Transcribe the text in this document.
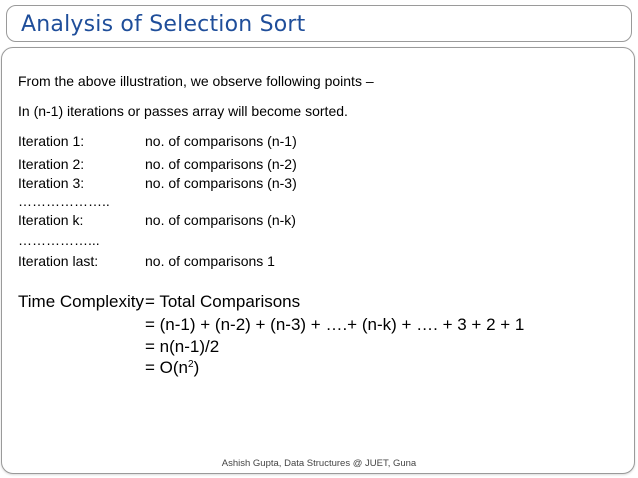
Analysis of Selection Sort
From the above illustration, we observe following points –
In (n-1) iterations or passes array will become sorted.
Iteration 1:	no. of comparisons (n-1)
Iteration 2:	no. of comparisons (n-2)
Iteration 3:	no. of comparisons (n-3)
………………..
Iteration k:	no. of comparisons (n-k)
……………...
Iteration last:	no. of comparisons 1
Time Complexity = Total Comparisons
= (n-1) + (n-2) + (n-3) + ….+ (n-k) + …. + 3 + 2 + 1
= n(n-1)/2
= $O(n^2)$
Ashish Gupta, Data Structures @ JUET, Guna
